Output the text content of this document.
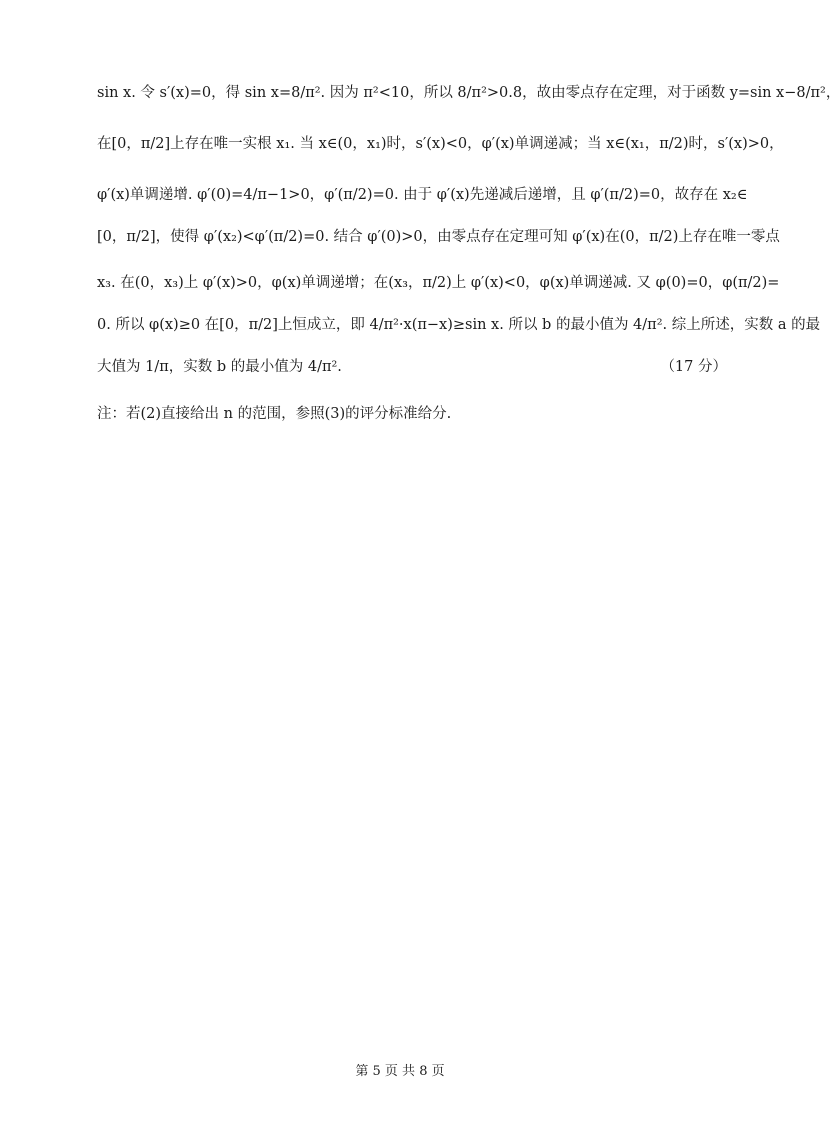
sin x. 令 s′(x)=0，得 sin x=8/π². 因为 π²<10，所以 8/π²>0.8，故由零点存在定理，对于函数 y=sin x−8/π²，
在[0，π/2]上存在唯一实根 x₁. 当 x∈(0，x₁)时，s′(x)<0，φ′(x)单调递减；当 x∈(x₁，π/2)时，s′(x)>0，
φ′(x)单调递增. φ′(0)=4/π−1>0，φ′(π/2)=0. 由于 φ′(x)先递减后递增，且 φ′(π/2)=0，故存在 x₂∈
[0，π/2]，使得 φ′(x₂)<φ′(π/2)=0. 结合 φ′(0)>0，由零点存在定理可知 φ′(x)在(0，π/2)上存在唯一零点
x₃. 在(0，x₃)上 φ′(x)>0，φ(x)单调递增；在(x₃，π/2)上 φ′(x)<0，φ(x)单调递减. 又 φ(0)=0，φ(π/2)=
0. 所以 φ(x)≥0 在[0，π/2]上恒成立，即 4/π²·x(π−x)≥sin x. 所以 b 的最小值为 4/π². 综上所述，实数 a 的最
大值为 1/π，实数 b 的最小值为 4/π².	（17 分）
注：若(2)直接给出 n 的范围，参照(3)的评分标准给分.
第 5 页 共 8 页
